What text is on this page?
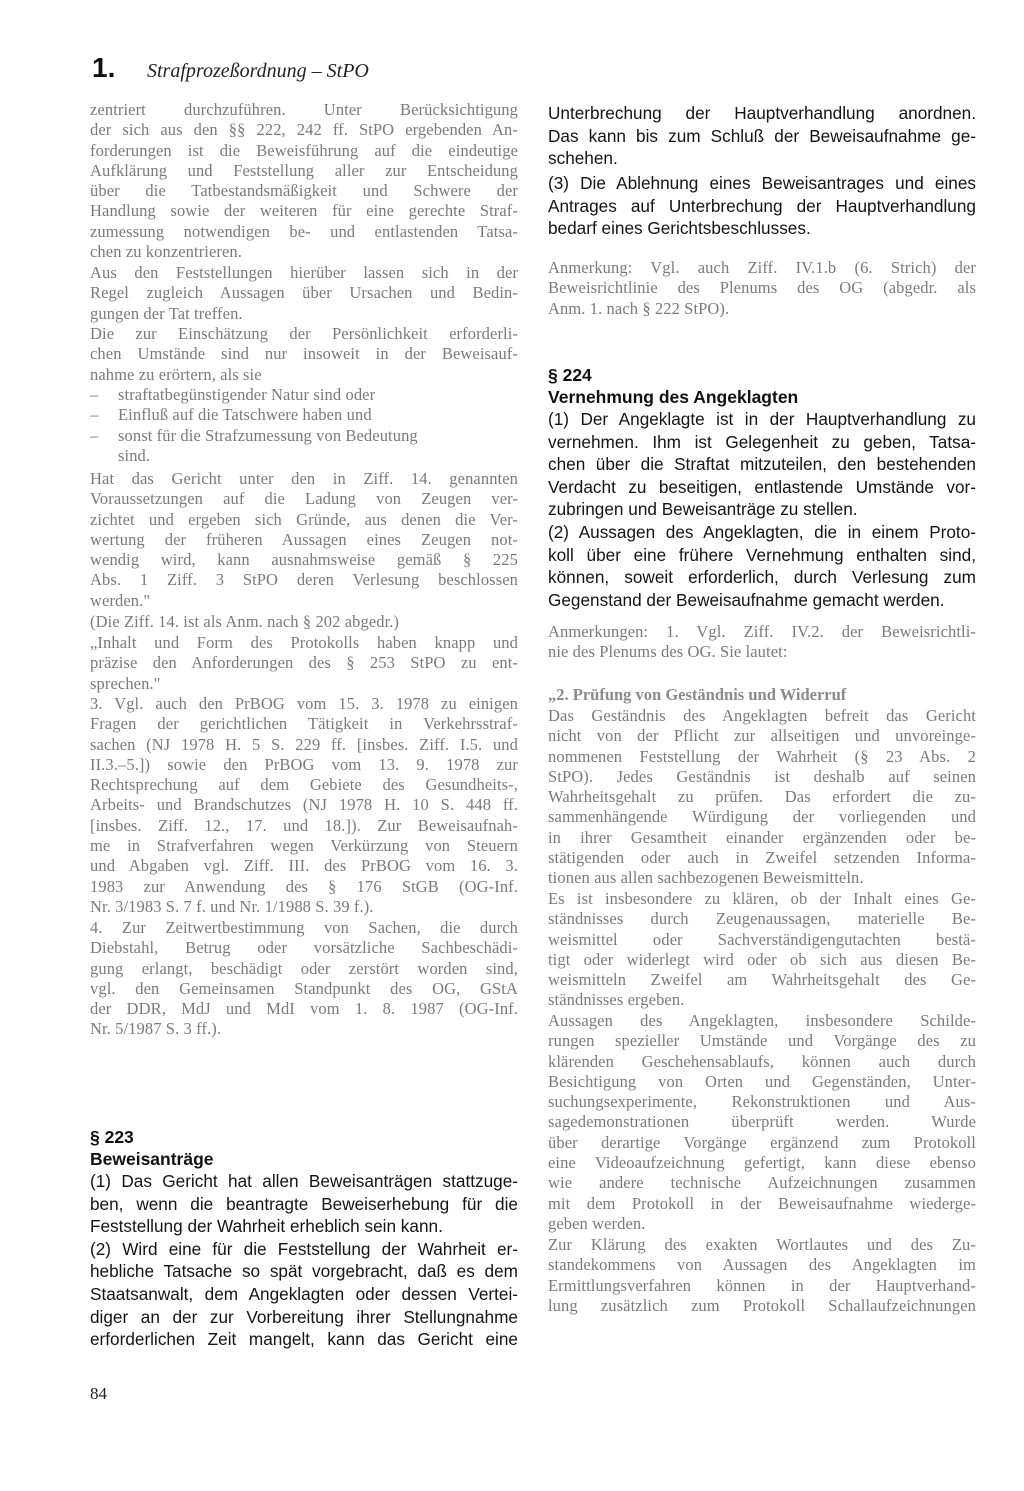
1. Strafprozeßordnung – StPO
zentriert durchzuführen. Unter Berücksichtigung
der sich aus den §§ 222, 242 ff. StPO ergebenden An-
forderungen ist die Beweisführung auf die eindeutige
Aufklärung und Feststellung aller zur Entscheidung
über die Tatbestandsmäßigkeit und Schwere der
Handlung sowie der weiteren für eine gerechte Straf-
zumessung notwendigen be- und entlastenden Tatsa-
chen zu konzentrieren.
Aus den Feststellungen hierüber lassen sich in der
Regel zugleich Aussagen über Ursachen und Bedin-
gungen der Tat treffen.
Die zur Einschätzung der Persönlichkeit erforderli-
chen Umstände sind nur insoweit in der Beweisauf-
nahme zu erörtern, als sie
–	straftatbegünstigender Natur sind oder
–	Einfluß auf die Tatschwere haben und
–	sonst für die Strafzumessung von Bedeutung
sind.
Hat das Gericht unter den in Ziff. 14. genannten
Voraussetzungen auf die Ladung von Zeugen ver-
zichtet und ergeben sich Gründe, aus denen die Ver-
wertung der früheren Aussagen eines Zeugen not-
wendig wird, kann ausnahmsweise gemäß § 225
Abs. 1 Ziff. 3 StPO deren Verlesung beschlossen
werden."
(Die Ziff. 14. ist als Anm. nach § 202 abgedr.)
„Inhalt und Form des Protokolls haben knapp und
präzise den Anforderungen des § 253 StPO zu ent-
sprechen."
3. Vgl. auch den PrBOG vom 15. 3. 1978 zu einigen
Fragen der gerichtlichen Tätigkeit in Verkehrsstraf-
sachen (NJ 1978 H. 5 S. 229 ff. [insbes. Ziff. I.5. und
II.3.–5.]) sowie den PrBOG vom 13. 9. 1978 zur
Rechtsprechung auf dem Gebiete des Gesundheits-,
Arbeits- und Brandschutzes (NJ 1978 H. 10 S. 448 ff.
[insbes. Ziff. 12., 17. und 18.]). Zur Beweisaufnah-
me in Strafverfahren wegen Verkürzung von Steuern
und Abgaben vgl. Ziff. III. des PrBOG vom 16. 3.
1983 zur Anwendung des § 176 StGB (OG-Inf.
Nr. 3/1983 S. 7 f. und Nr. 1/1988 S. 39 f.).
4. Zur Zeitwertbestimmung von Sachen, die durch
Diebstahl, Betrug oder vorsätzliche Sachbeschädi-
gung erlangt, beschädigt oder zerstört worden sind,
vgl. den Gemeinsamen Standpunkt des OG, GStA
der DDR, MdJ und MdI vom 1. 8. 1987 (OG-Inf.
Nr. 5/1987 S. 3 ff.).
§ 223
Beweisanträge
(1) Das Gericht hat allen Beweisanträgen stattzuge-
ben, wenn die beantragte Beweiserhebung für die
Feststellung der Wahrheit erheblich sein kann.
(2) Wird eine für die Feststellung der Wahrheit er-
hebliche Tatsache so spät vorgebracht, daß es dem
Staatsanwalt, dem Angeklagten oder dessen Vertei-
diger an der zur Vorbereitung ihrer Stellungnahme
erforderlichen Zeit mangelt, kann das Gericht eine
Unterbrechung der Hauptverhandlung anordnen.
Das kann bis zum Schluß der Beweisaufnahme ge-
schehen.
(3) Die Ablehnung eines Beweisantrages und eines
Antrages auf Unterbrechung der Hauptverhandlung
bedarf eines Gerichtsbeschlusses.
Anmerkung: Vgl. auch Ziff. IV.1.b (6. Strich) der
Beweisrichtlinie des Plenums des OG (abgedr. als
Anm. 1. nach § 222 StPO).
§ 224
Vernehmung des Angeklagten
(1) Der Angeklagte ist in der Hauptverhandlung zu
vernehmen. Ihm ist Gelegenheit zu geben, Tatsa-
chen über die Straftat mitzuteilen, den bestehenden
Verdacht zu beseitigen, entlastende Umstände vor-
zubringen und Beweisanträge zu stellen.
(2) Aussagen des Angeklagten, die in einem Proto-
koll über eine frühere Vernehmung enthalten sind,
können, soweit erforderlich, durch Verlesung zum
Gegenstand der Beweisaufnahme gemacht werden.
Anmerkungen: 1. Vgl. Ziff. IV.2. der Beweisrichtli-
nie des Plenums des OG. Sie lautet:
„2. Prüfung von Geständnis und Widerruf
Das Geständnis des Angeklagten befreit das Gericht
nicht von der Pflicht zur allseitigen und unvoreinge-
nommenen Feststellung der Wahrheit (§ 23 Abs. 2
StPO). Jedes Geständnis ist deshalb auf seinen
Wahrheitsgehalt zu prüfen. Das erfordert die zu-
sammenhängende Würdigung der vorliegenden und
in ihrer Gesamtheit einander ergänzenden oder be-
stätigenden oder auch in Zweifel setzenden Informa-
tionen aus allen sachbezogenen Beweismitteln.
Es ist insbesondere zu klären, ob der Inhalt eines Ge-
ständnisses durch Zeugenaussagen, materielle Be-
weismittel oder Sachverständigengutachten bestä-
tigt oder widerlegt wird oder ob sich aus diesen Be-
weismitteln Zweifel am Wahrheitsgehalt des Ge-
ständnisses ergeben.
Aussagen des Angeklagten, insbesondere Schilde-
rungen spezieller Umstände und Vorgänge des zu
klärenden Geschehensablaufs, können auch durch
Besichtigung von Orten und Gegenständen, Unter-
suchungsexperimente, Rekonstruktionen und Aus-
sagedemonstrationen überprüft werden. Wurde
über derartige Vorgänge ergänzend zum Protokoll
eine Videoaufzeichnung gefertigt, kann diese ebenso
wie andere technische Aufzeichnungen zusammen
mit dem Protokoll in der Beweisaufnahme wiederge-
geben werden.
Zur Klärung des exakten Wortlautes und des Zu-
standekommens von Aussagen des Angeklagten im
Ermittlungsverfahren können in der Hauptverhand-
lung zusätzlich zum Protokoll Schallaufzeichnungen
84
